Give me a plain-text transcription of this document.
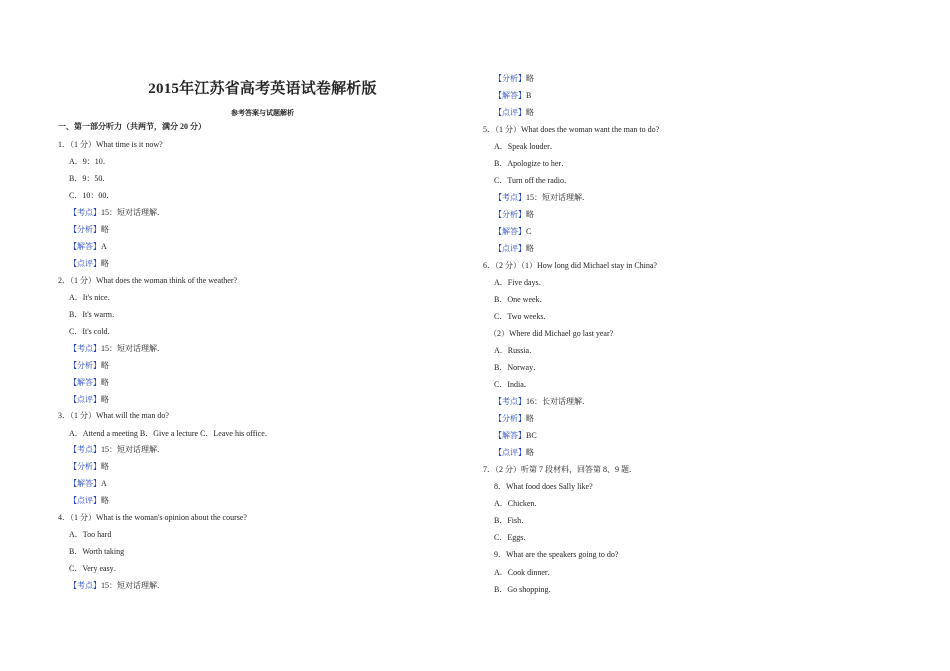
2015年江苏省高考英语试卷解析版
参考答案与试题解析
一、第一部分听力（共两节，满分 20 分）
1．（1 分）What time is it now?
A．9：10．
B．9：50．
C．10：00．
【考点】15：短对话理解．
【分析】略
【解答】A
【点评】略
2．（1 分）What does the woman think of the weather?
A．It's nice．
B．It's warm．
C．It's cold．
【考点】15：短对话理解．
【分析】略
【解答】略
【点评】略
3．（1 分）What will the man do?
A．Attend a meeting B．Give a lecture C．Leave his office．
【考点】15：短对话理解．
【分析】略
【解答】A
【点评】略
4．（1 分）What is the woman's opinion about the course?
A．Too hard
B．Worth taking
C．Very easy．
【考点】15：短对话理解．
【分析】略
【解答】B
【点评】略
5．（1 分）What does the woman want the man to do?
A．Speak louder．
B．Apologize to her．
C．Turn off the radio．
【考点】15：短对话理解．
【分析】略
【解答】C
【点评】略
6．（2 分）（1）How long did Michael stay in China?
A．Five days．
B．One week．
C．Two weeks．
（2）Where did Michael go last year?
A．Russia．
B．Norway．
C．India．
【考点】16：长对话理解．
【分析】略
【解答】BC
【点评】略
7．（2 分）听第 7 段材料，回答第 8、9 题．
8．What food does Sally like?
A．Chicken．
B．Fish．
C．Eggs．
9．What are the speakers going to do?
A．Cook dinner．
B．Go shopping．
